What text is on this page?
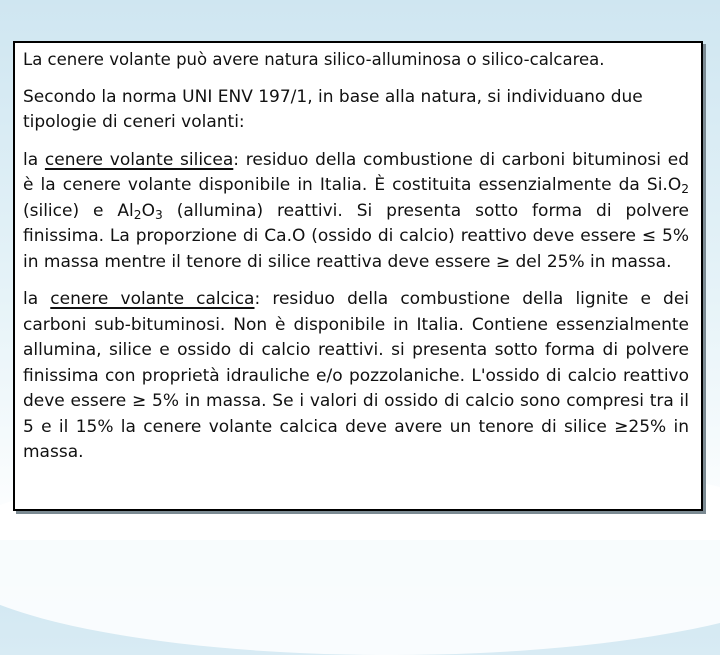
La cenere volante può avere natura silico-alluminosa o silico-calcarea.

Secondo la norma UNI ENV 197/1, in base alla natura, si individuano due tipologie di ceneri volanti:

la cenere volante silicea: residuo della combustione di carboni bituminosi ed è la cenere volante disponibile in Italia. È costituita essenzialmente da $Si.O_2$ (silice) e $Al_2O_3$ (allumina) reattivi. Si presenta sotto forma di polvere finissima. La proporzione di Ca.O (ossido di calcio) reattivo deve essere ≤ 5% in massa mentre il tenore di silice reattiva deve essere ≥ del 25% in massa.

la cenere volante calcica: residuo della combustione della lignite e dei carboni sub-bituminosi. Non è disponibile in Italia. Contiene essenzialmente allumina, silice e ossido di calcio reattivi. si presenta sotto forma di polvere finissima con proprietà idrauliche e/o pozzolaniche. L'ossido di calcio reattivo deve essere ≥ 5% in massa. Se i valori di ossido di calcio sono compresi tra il 5 e il 15% la cenere volante calcica deve avere un tenore di silice ≥25% in massa.
